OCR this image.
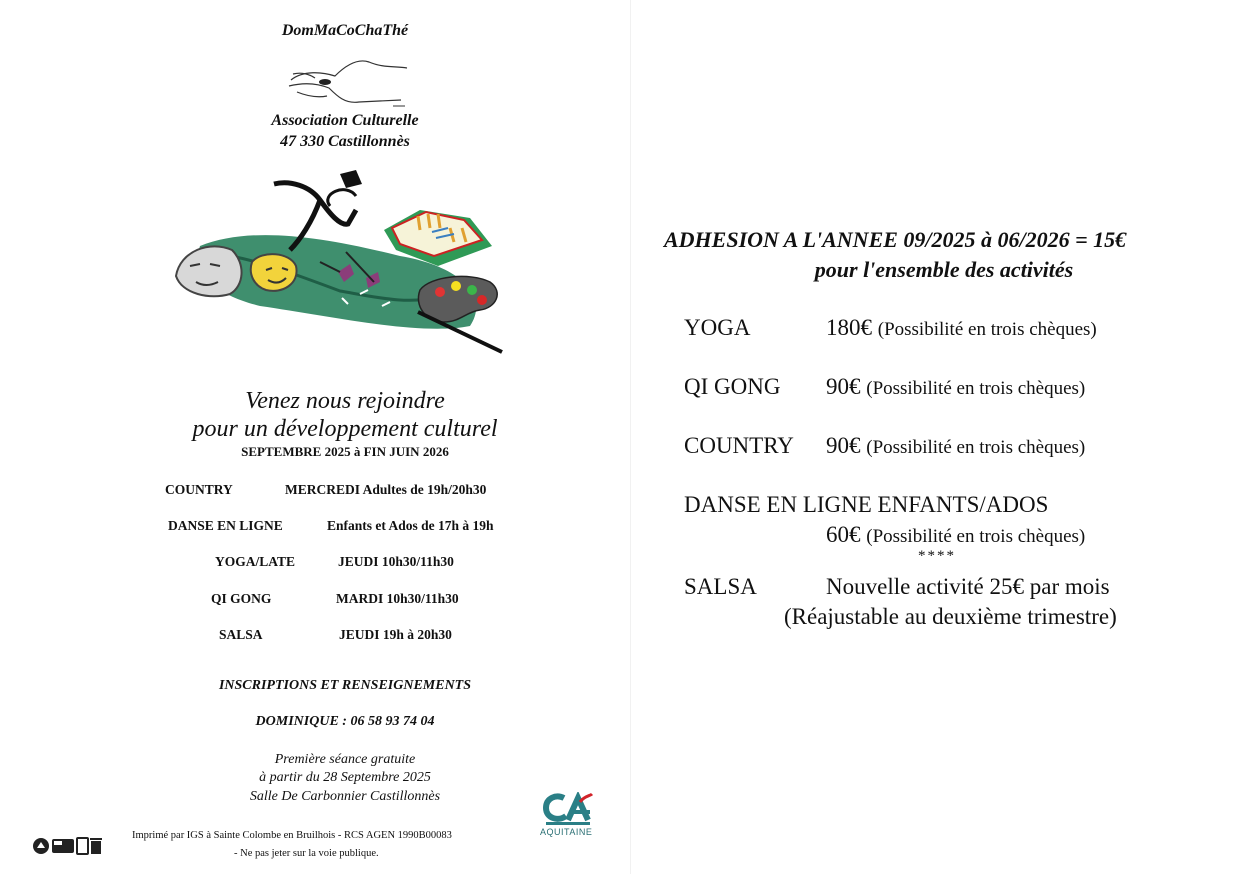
DomMaCoChaThé
Association Culturelle
47 330 Castillonnès
Venez nous rejoindre
pour un développement culturel
SEPTEMBRE 2025 à FIN JUIN 2026
COUNTRY	MERCREDI Adultes de 19h/20h30
DANSE EN LIGNE	Enfants et Ados de 17h à 19h
YOGA/LATE	JEUDI 10h30/11h30
QI GONG	MARDI 10h30/11h30
SALSA	JEUDI 19h à 20h30
INSCRIPTIONS ET RENSEIGNEMENTS
DOMINIQUE : 06 58 93 74 04
Première séance gratuite
à partir du 28 Septembre 2025
Salle De Carbonnier Castillonnès
AQUITAINE
Imprimé par IGS à Sainte Colombe en Bruilhois - RCS AGEN 1990B00083
- Ne pas jeter sur la voie publique.
ADHESION A L'ANNEE 09/2025 à 06/2026 = 15€
pour l'ensemble des activités
YOGA	180€ (Possibilité en trois chèques)
QI GONG 90€ (Possibilité en trois chèques)
COUNTRY 90€ (Possibilité en trois chèques)
DANSE EN LIGNE ENFANTS/ADOS
60€ (Possibilité en trois chèques)
****
SALSA	Nouvelle activité 25€ par mois
(Réajustable au deuxième trimestre)
